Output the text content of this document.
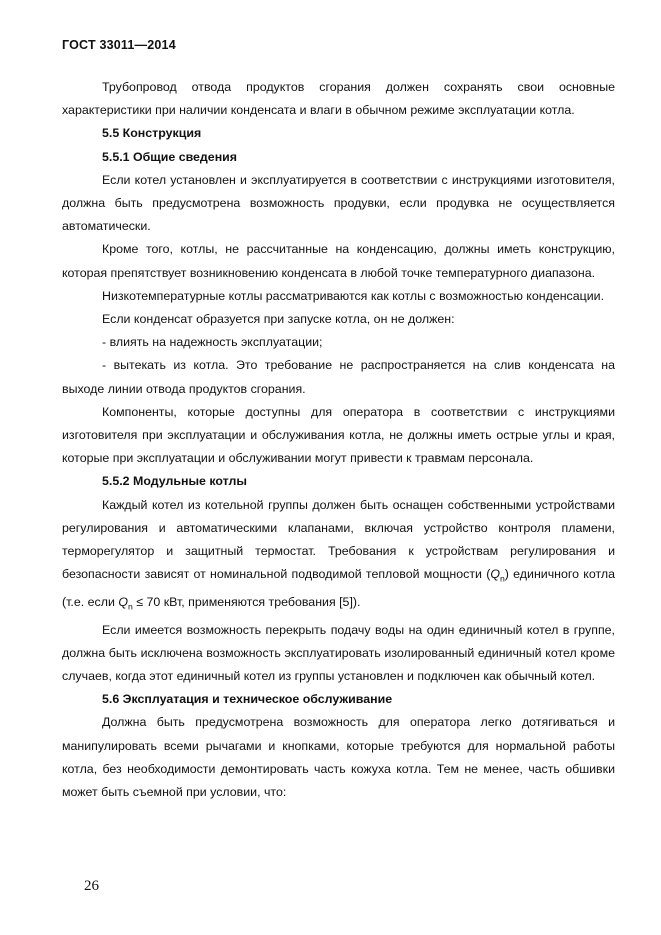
ГОСТ 33011—2014

Трубопровод отвода продуктов сгорания должен сохранять свои основные характеристики при наличии конденсата и влаги в обычном режиме эксплуатации котла.

5.5 Конструкция
5.5.1 Общие сведения

Если котел установлен и эксплуатируется в соответствии с инструкциями изготовителя, должна быть предусмотрена возможность продувки, если продувка не осуществляется автоматически.

Кроме того, котлы, не рассчитанные на конденсацию, должны иметь конструкцию, которая препятствует возникновению конденсата в любой точке температурного диапазона.

Низкотемпературные котлы рассматриваются как котлы с возможностью конденсации.

Если конденсат образуется при запуске котла, он не должен:

- влиять на надежность эксплуатации;

- вытекать из котла. Это требование не распространяется на слив конденсата на выходе линии отвода продуктов сгорания.

Компоненты, которые доступны для оператора в соответствии с инструкциями изготовителя при эксплуатации и обслуживания котла, не должны иметь острые углы и края, которые при эксплуатации и обслуживании могут привести к травмам персонала.

5.5.2 Модульные котлы

Каждый котел из котельной группы должен быть оснащен собственными устройствами регулирования и автоматическими клапанами, включая устройство контроля пламени, терморегулятор и защитный термостат. Требования к устройствам регулирования и безопасности зависят от номинальной подводимой тепловой мощности $(Q_n)$ единичного котла (т.е. если $Q_n \le 70$ кВт, применяются требования [5]).

Если имеется возможность перекрыть подачу воды на один единичный котел в группе, должна быть исключена возможность эксплуатировать изолированный единичный котел кроме случаев, когда этот единичный котел из группы установлен и подключен как обычный котел.

5.6 Эксплуатация и техническое обслуживание

Должна быть предусмотрена возможность для оператора легко дотягиваться и манипулировать всеми рычагами и кнопками, которые требуются для нормальной работы котла, без необходимости демонтировать часть кожуха котла. Тем не менее, часть обшивки может быть съемной при условии, что:

26
